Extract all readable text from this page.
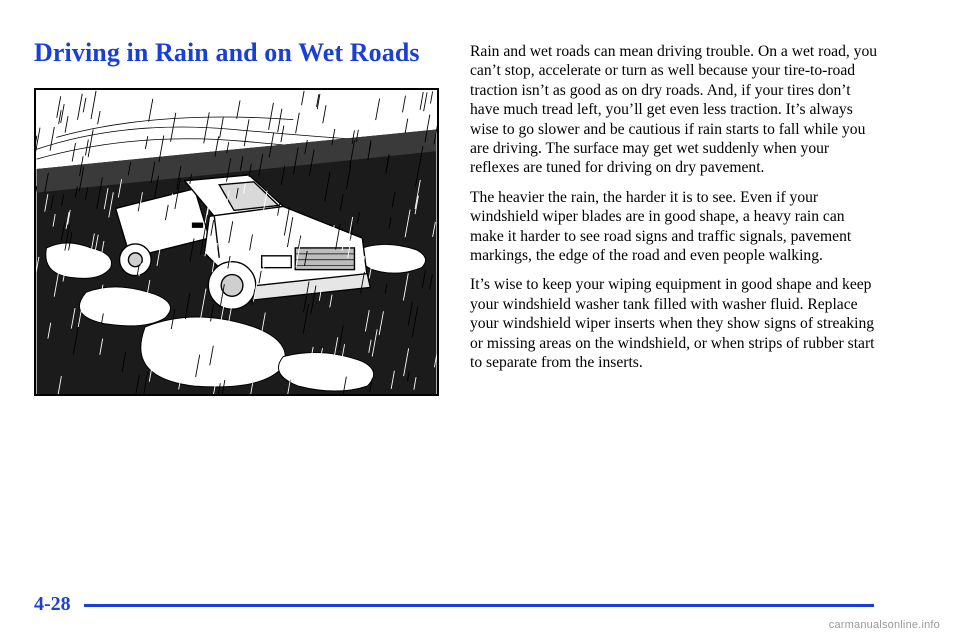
Driving in Rain and on Wet Roads	Rain and wet roads can mean driving trouble. On a wet road, you can’t stop, accelerate or turn as well because your tire-to-road traction isn’t as good as on dry roads. And, if your tires don’t have much tread left, you’ll get even less traction. It’s always wise to go slower and be cautious if rain starts to fall while you are driving. The surface may get wet suddenly when your reflexes are tuned for driving on dry pavement.

The heavier the rain, the harder it is to see. Even if your windshield wiper blades are in good shape, a heavy rain can make it harder to see road signs and traffic signals, pavement markings, the edge of the road and even people walking.

It’s wise to keep your wiping equipment in good shape and keep your windshield washer tank filled with washer fluid. Replace your windshield wiper inserts when they show signs of streaking or missing areas on the windshield, or when strips of rubber start to separate from the inserts.

4-28
carmanualsonline.info
